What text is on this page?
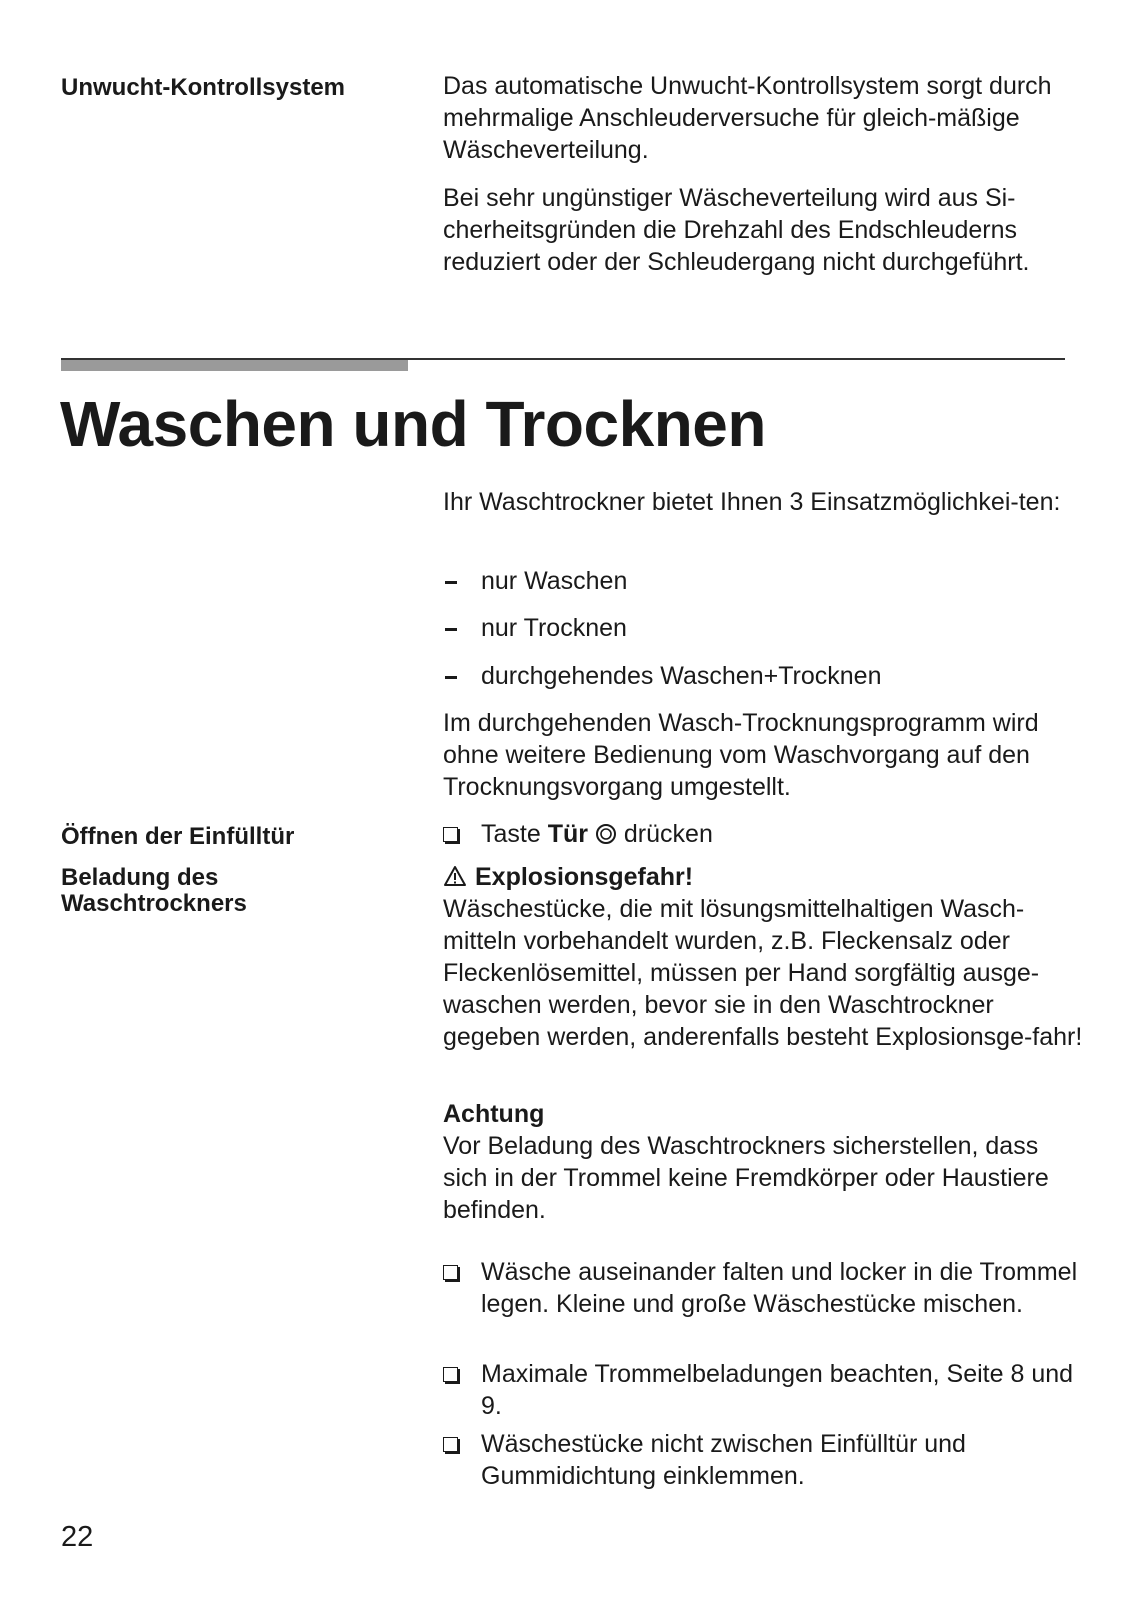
Unwucht-Kontrollsystem	Das automatische Unwucht-Kontrollsystem sorgt durch mehrmalige Anschleuderversuche für gleich-mäßige Wäscheverteilung.
Bei sehr ungünstiger Wäscheverteilung wird aus Si-cherheitsgründen die Drehzahl des Endschleuderns reduziert oder der Schleudergang nicht durchgeführt.
Waschen und Trocknen
Ihr Waschtrockner bietet Ihnen 3 Einsatzmöglichkei-ten:
nur Waschen
nur Trocknen
durchgehendes Waschen+Trocknen
Im durchgehenden Wasch-Trocknungsprogramm wird ohne weitere Bedienung vom Waschvorgang auf den Trocknungsvorgang umgestellt.
Öffnen der Einfülltür	Taste Tür drücken
Beladung des
Waschtrockners
Explosionsgefahr!
Wäschestücke, die mit lösungsmittelhaltigen Wasch-mitteln vorbehandelt wurden, z.B. Fleckensalz oder Fleckenlösemittel, müssen per Hand sorgfältig ausge-waschen werden, bevor sie in den Waschtrockner gegeben werden, anderenfalls besteht Explosionsge-fahr!
Achtung
Vor Beladung des Waschtrockners sicherstellen, dass sich in der Trommel keine Fremdkörper oder Haustiere befinden.
Wäsche auseinander falten und locker in die Trommel legen. Kleine und große Wäschestücke mischen.
Maximale Trommelbeladungen beachten, Seite 8 und 9.
Wäschestücke nicht zwischen Einfülltür und Gummidichtung einklemmen.
22
